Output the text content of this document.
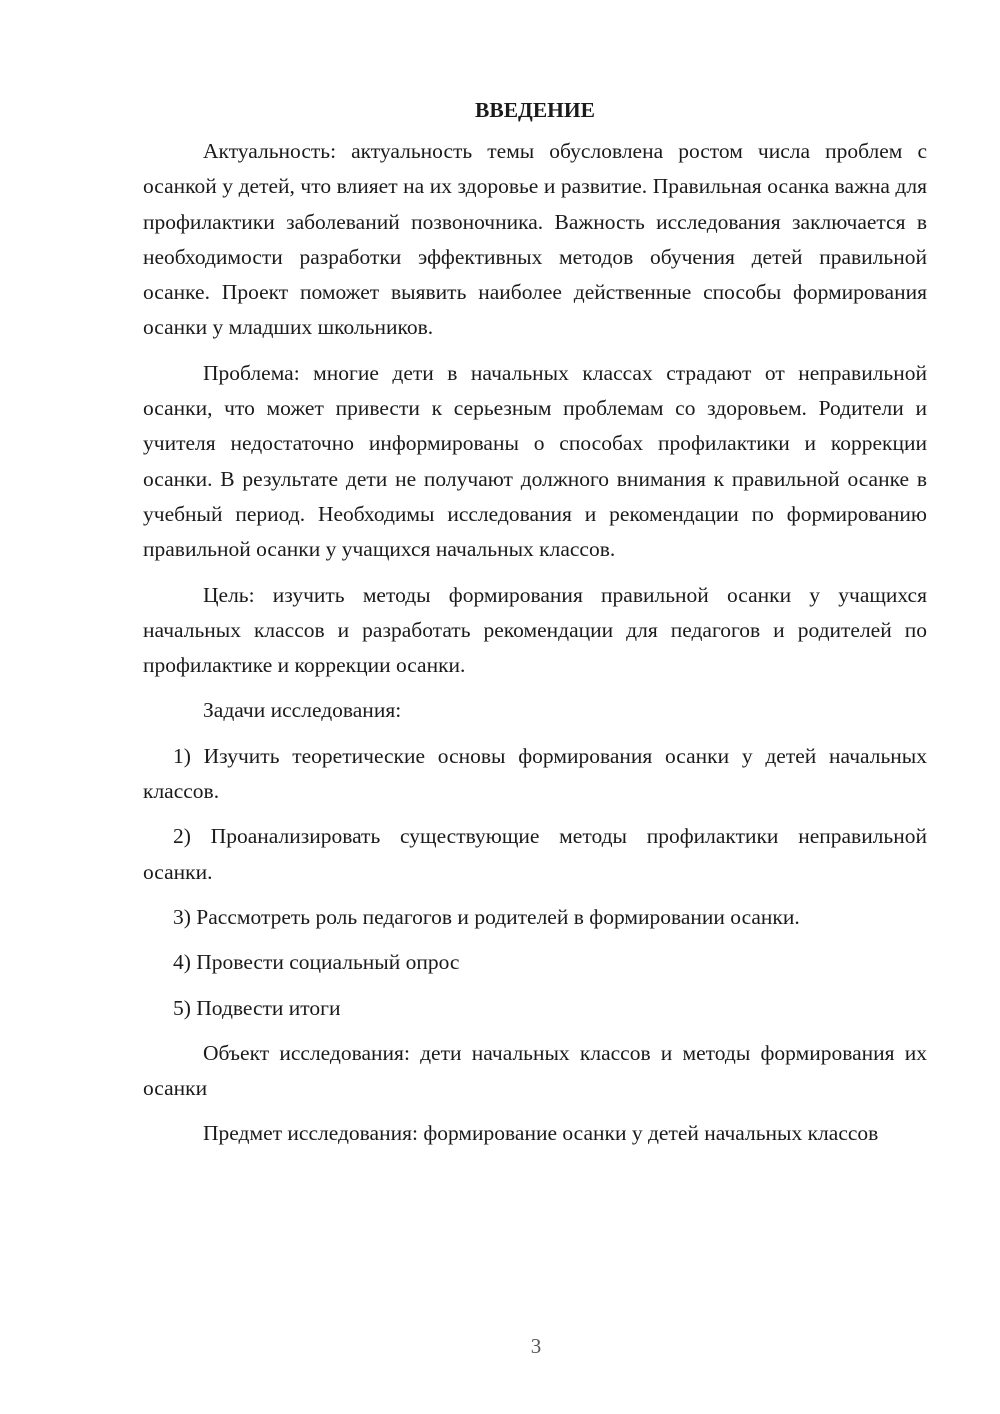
ВВЕДЕНИЕ

Актуальность: актуальность темы обусловлена ростом числа проблем с осанкой у детей, что влияет на их здоровье и развитие. Правильная осанка важна для профилактики заболеваний позвоночника. Важность исследования заключается в необходимости разработки эффективных методов обучения детей правильной осанке. Проект поможет выявить наиболее действенные способы формирования осанки у младших школьников.

Проблема: многие дети в начальных классах страдают от неправильной осанки, что может привести к серьезным проблемам со здоровьем. Родители и учителя недостаточно информированы о способах профилактики и коррекции осанки. В результате дети не получают должного внимания к правильной осанке в учебный период. Необходимы исследования и рекомендации по формированию правильной осанки у учащихся начальных классов.

Цель: изучить методы формирования правильной осанки у учащихся начальных классов и разработать рекомендации для педагогов и родителей по профилактике и коррекции осанки.

Задачи исследования:

1) Изучить теоретические основы формирования осанки у детей начальных классов.

2) Проанализировать существующие методы профилактики неправильной осанки.

3) Рассмотреть роль педагогов и родителей в формировании осанки.

4) Провести социальный опрос

5) Подвести итоги

Объект исследования: дети начальных классов и методы формирования их осанки

Предмет исследования: формирование осанки у детей начальных классов

3
